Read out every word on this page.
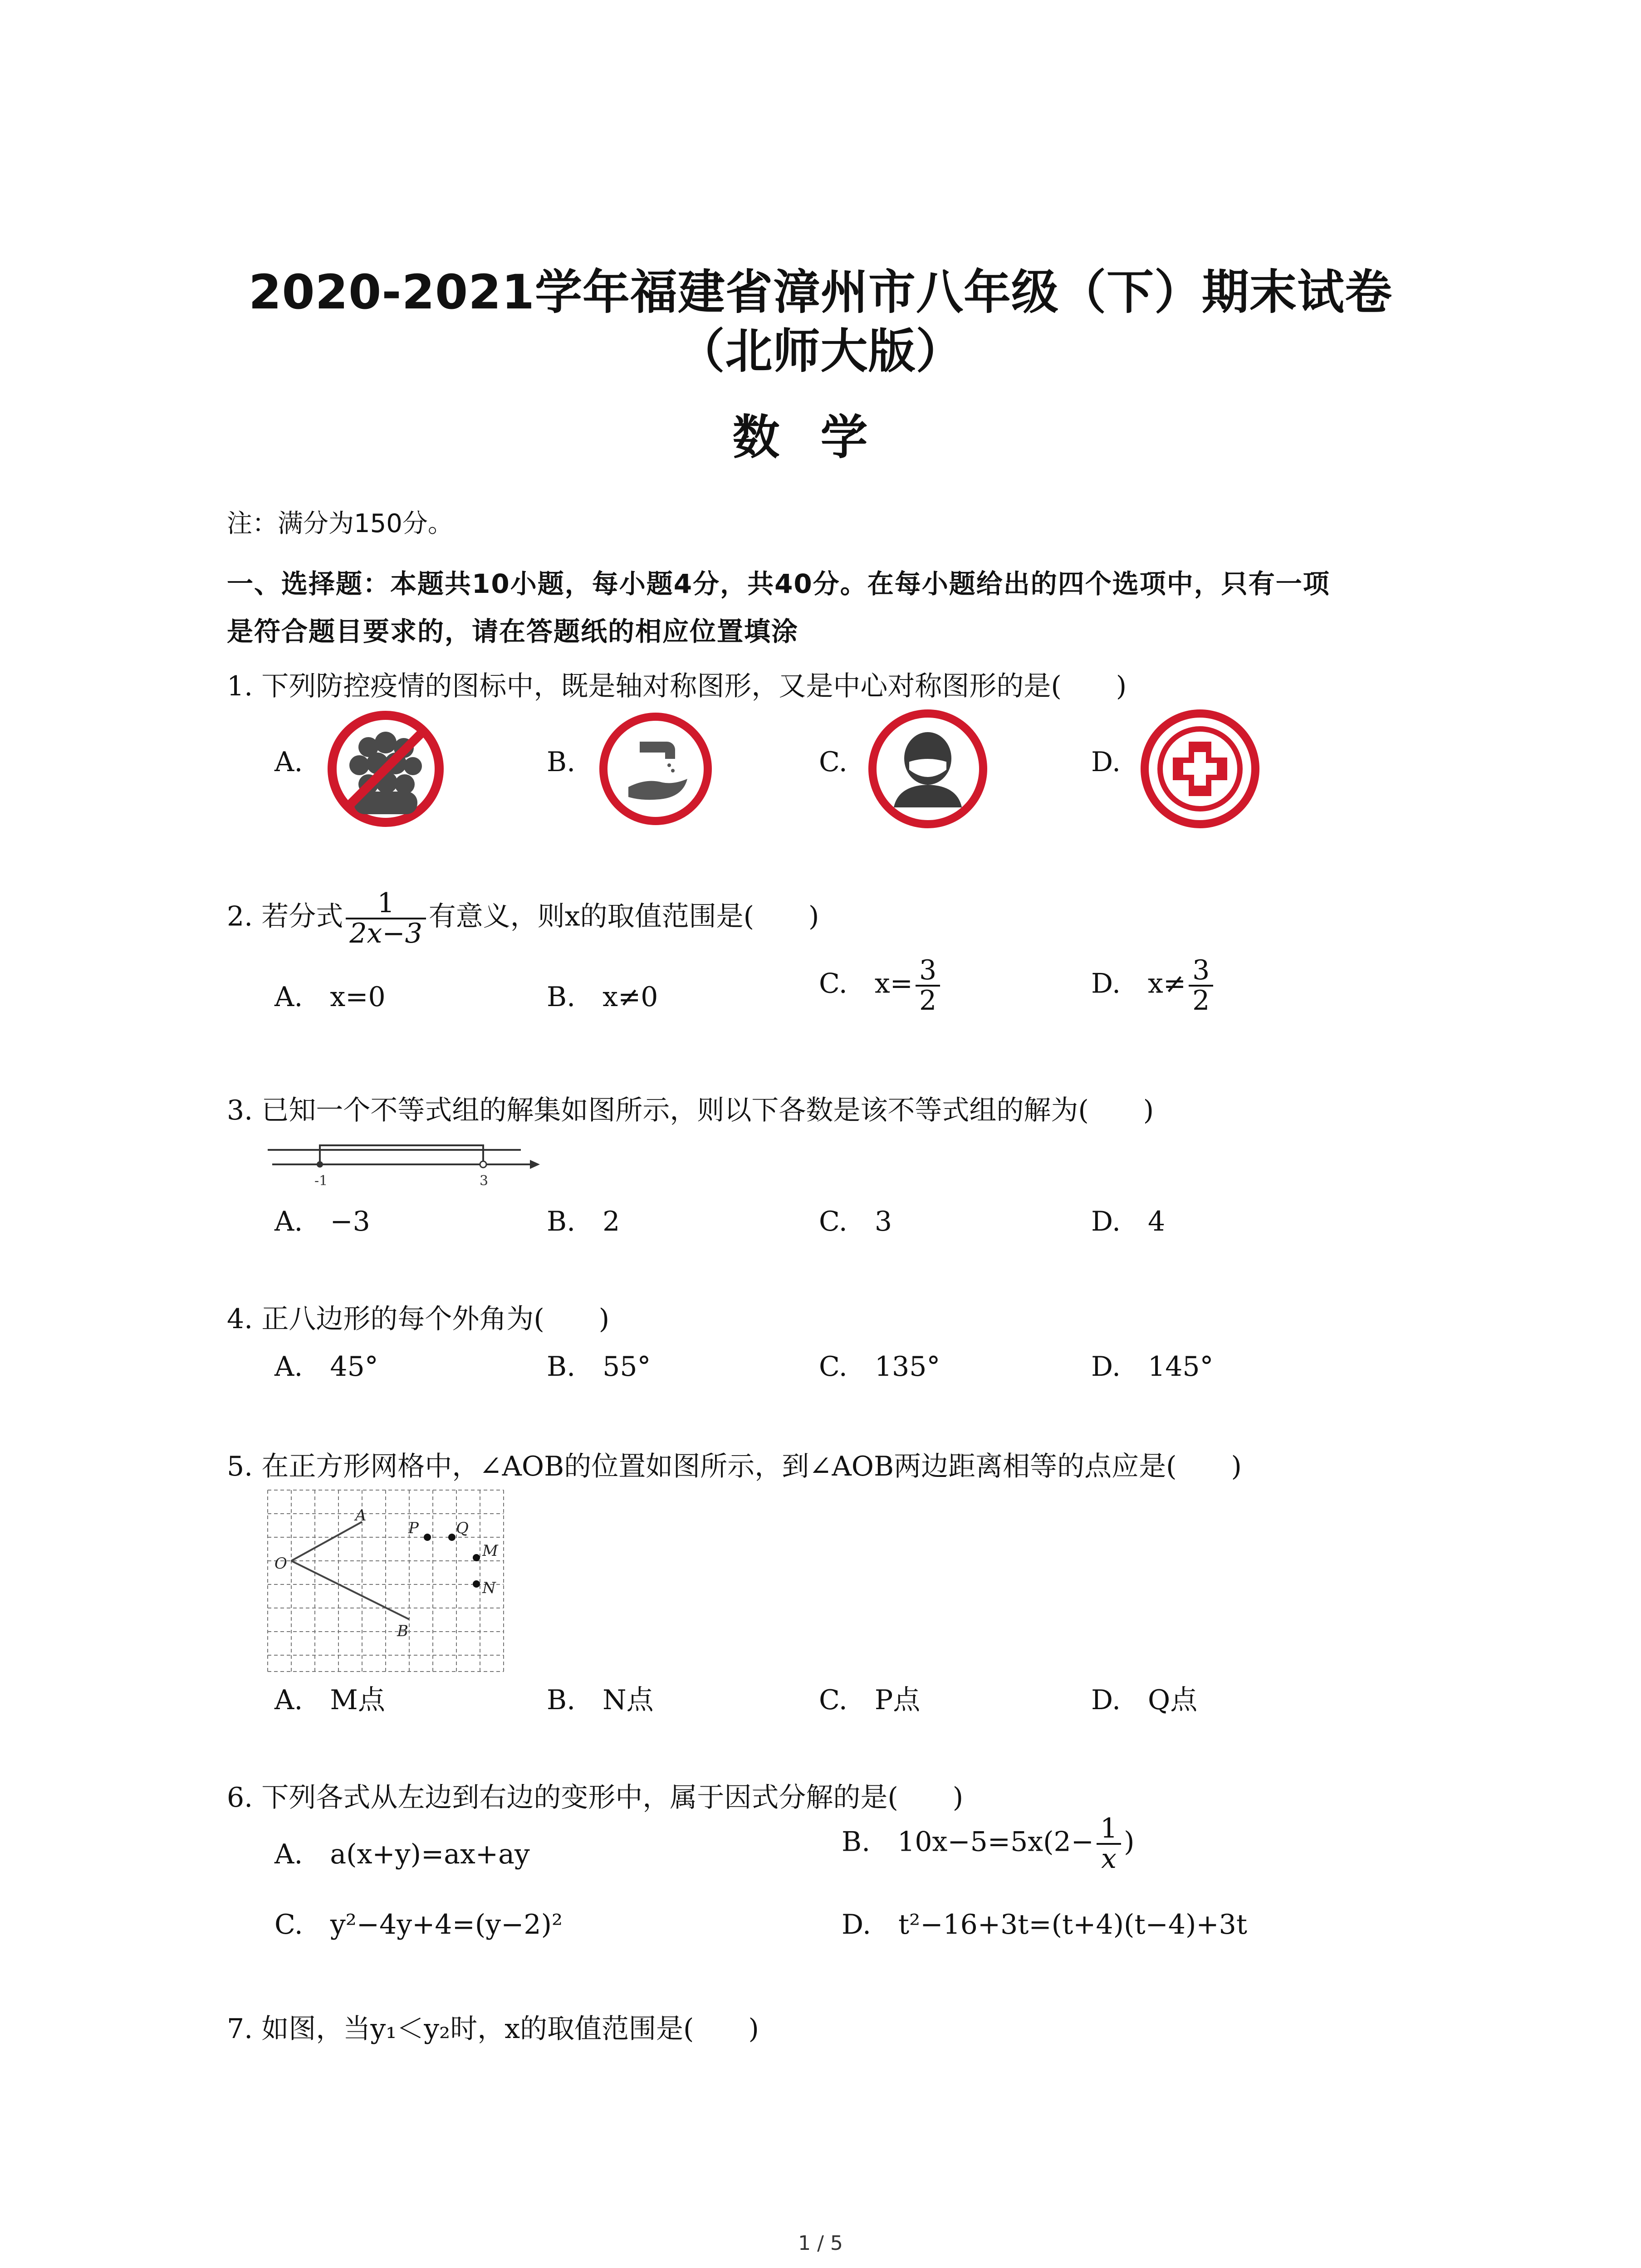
2020-2021学年福建省漳州市八年级（下）期末试卷
（北师大版）
数学
注：满分为150分。
一、选择题：本题共10小题，每小题4分，共40分。在每小题给出的四个选项中，只有一项
是符合题目要求的，请在答题纸的相应位置填涂
1. 下列防控疫情的图标中，既是轴对称图形，又是中心对称图形的是(　　)
A.	B.	C.	D.
2. 若分式 $\frac{1}{2x-3}$ 有意义，则x的取值范围是(　　)
A.　x=0	B.　x≠0	C.　$x= \frac{3}{2}$	D.　$x\ne \frac{3}{2}$
3. 已知一个不等式组的解集如图所示，则以下各数是该不等式组的解为(　　)
-1	3
A.　−3	B.　2	C.　3	D.　4
4. 正八边形的每个外角为(　　)
A.　45°	B.　55°	C.　135°	D.　145°
5. 在正方形网格中，∠AOB的位置如图所示，到∠AOB两边距离相等的点应是(　　)
A
O
B
P Q
M
N
A.　M点	B.　N点	C.　P点	D.　Q点
6. 下列各式从左边到右边的变形中，属于因式分解的是(　　)
A.　a(x+y)=ax+ay	B.　$10x-5=5x(2- \frac{1}{x}$ )
C.　y²−4y+4=(y−2)²	D.　t²−16+3t=(t+4)(t−4)+3t
7. 如图，当y₁＜y₂时，x的取值范围是(　　)
1 / 5
